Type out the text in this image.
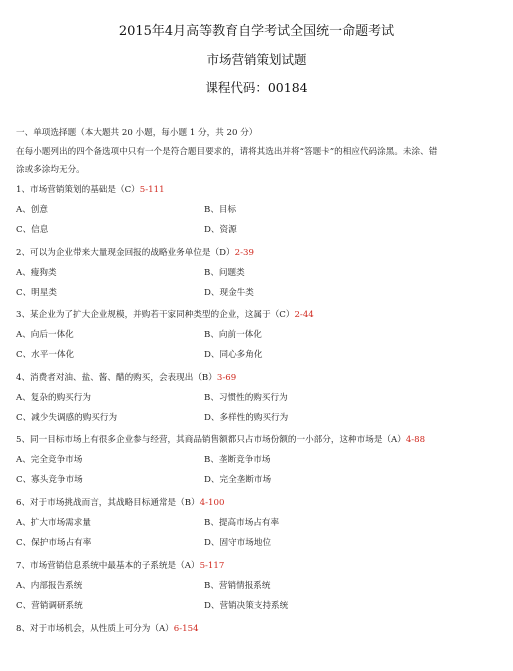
2015年4月高等教育自学考试全国统一命题考试
市场营销策划试题
课程代码：00184
一、单项选择题（本大题共 20 小题，每小题 1 分，共 20 分）
在每小题列出的四个备选项中只有一个是符合题目要求的，请将其选出并将“答题卡”的相应代码涂黑。未涂、错
涂或多涂均无分。
1、市场营销策划的基础是（C）5-111
A、创意	B、目标
C、信息	D、资源
2、可以为企业带来大量现金回报的战略业务单位是（D）2-39
A、瘦狗类	B、问题类
C、明星类	D、现金牛类
3、某企业为了扩大企业规模，并购若干家同种类型的企业，这属于（C）2-44
A、向后一体化	B、向前一体化
C、水平一体化	D、同心多角化
4、消费者对油、盐、酱、醋的购买，会表现出（B）3-69
A、复杂的购买行为	B、习惯性的购买行为
C、减少失调感的购买行为	D、多样性的购买行为
5、同一目标市场上有很多企业参与经营，其商品销售额都只占市场份额的一小部分，这种市场是（A）4-88
A、完全竞争市场	B、垄断竞争市场
C、寡头竞争市场	D、完全垄断市场
6、对于市场挑战而言，其战略目标通常是（B）4-100
A、扩大市场需求量	B、提高市场占有率
C、保护市场占有率	D、固守市场地位
7、市场营销信息系统中最基本的子系统是（A）5-117
A、内部报告系统	B、营销情报系统
C、营销调研系统	D、营销决策支持系统
8、对于市场机会，从性质上可分为（A）6-154
